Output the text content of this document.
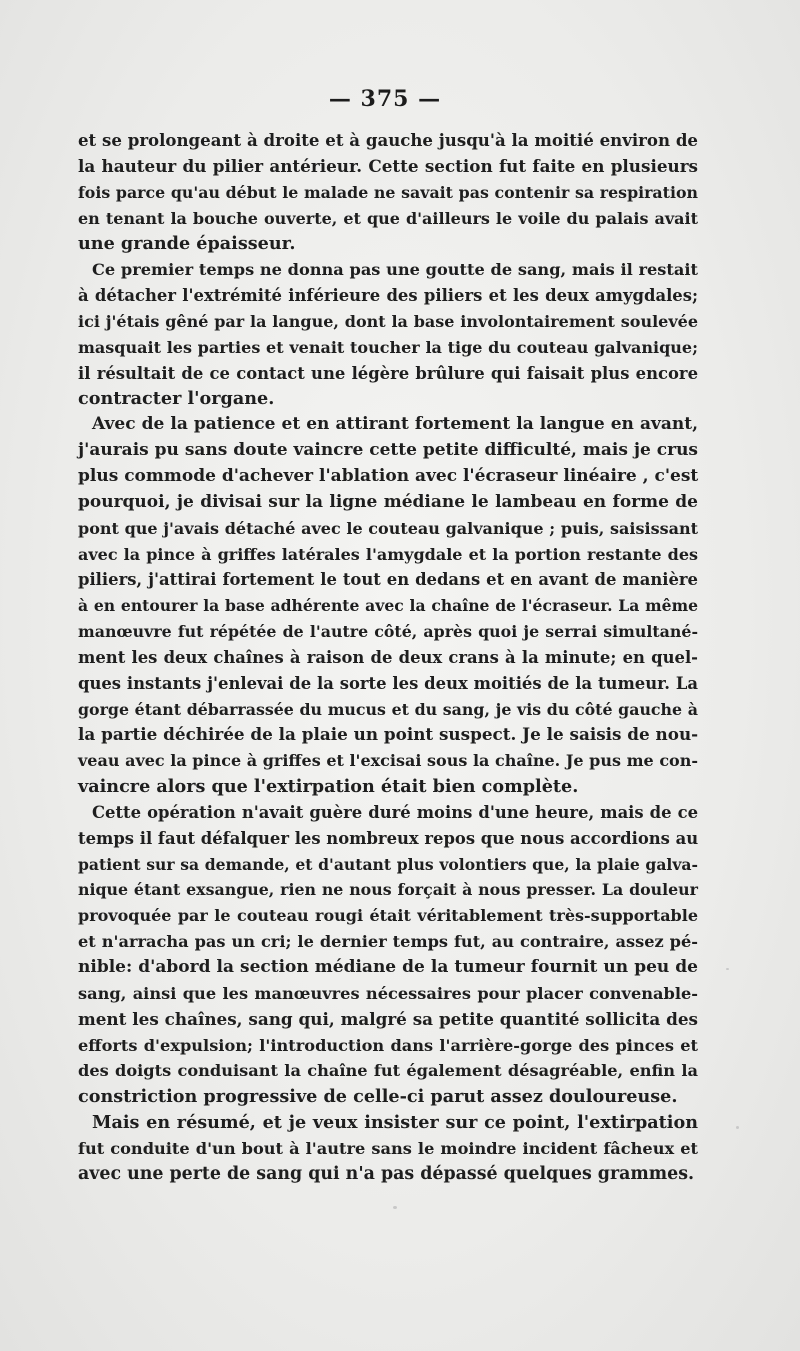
— 375 —

et se prolongeant à droite et à gauche jusqu'à la moitié environ de
la hauteur du pilier antérieur. Cette section fut faite en plusieurs
fois parce qu'au début le malade ne savait pas contenir sa respiration
en tenant la bouche ouverte, et que d'ailleurs le voile du palais avait
une grande épaisseur.

Ce premier temps ne donna pas une goutte de sang, mais il restait
à détacher l'extrémité inférieure des piliers et les deux amygdales;
ici j'étais gêné par la langue, dont la base involontairement soulevée
masquait les parties et venait toucher la tige du couteau galvanique;
il résultait de ce contact une légère brûlure qui faisait plus encore
contracter l'organe.

Avec de la patience et en attirant fortement la langue en avant,
j'aurais pu sans doute vaincre cette petite difficulté, mais je crus
plus commode d'achever l'ablation avec l'écraseur linéaire , c'est
pourquoi, je divisai sur la ligne médiane le lambeau en forme de
pont que j'avais détaché avec le couteau galvanique ; puis, saisissant
avec la pince à griffes latérales l'amygdale et la portion restante des
piliers, j'attirai fortement le tout en dedans et en avant de manière
à en entourer la base adhérente avec la chaîne de l'écraseur. La même
manœuvre fut répétée de l'autre côté, après quoi je serrai simultané-
ment les deux chaînes à raison de deux crans à la minute; en quel-
ques instants j'enlevai de la sorte les deux moitiés de la tumeur. La
gorge étant débarrassée du mucus et du sang, je vis du côté gauche à
la partie déchirée de la plaie un point suspect. Je le saisis de nou-
veau avec la pince à griffes et l'excisai sous la chaîne. Je pus me con-
vaincre alors que l'extirpation était bien complète.

Cette opération n'avait guère duré moins d'une heure, mais de ce
temps il faut défalquer les nombreux repos que nous accordions au
patient sur sa demande, et d'autant plus volontiers que, la plaie galva-
nique étant exsangue, rien ne nous forçait à nous presser. La douleur
provoquée par le couteau rougi était véritablement très-supportable
et n'arracha pas un cri; le dernier temps fut, au contraire, assez pé-
nible: d'abord la section médiane de la tumeur fournit un peu de
sang, ainsi que les manœuvres nécessaires pour placer convenable-
ment les chaînes, sang qui, malgré sa petite quantité sollicita des
efforts d'expulsion; l'introduction dans l'arrière-gorge des pinces et
des doigts conduisant la chaîne fut également désagréable, enfin la
constriction progressive de celle-ci parut assez douloureuse.

Mais en résumé, et je veux insister sur ce point, l'extirpation
fut conduite d'un bout à l'autre sans le moindre incident fâcheux et
avec une perte de sang qui n'a pas dépassé quelques grammes.
